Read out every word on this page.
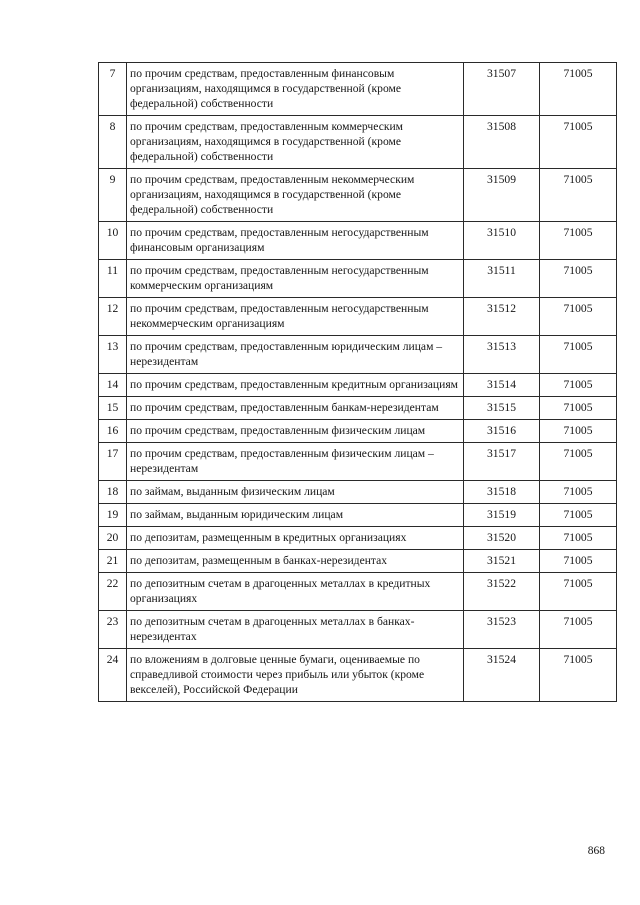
7	по прочим средствам, предоставленным финансовым организациям, находящимся в государственной (кроме федеральной) собственности	31507	71005
8	по прочим средствам, предоставленным коммерческим организациям, находящимся в государственной (кроме федеральной) собственности	31508	71005
9	по прочим средствам, предоставленным некоммерческим организациям, находящимся в государственной (кроме федеральной) собственности	31509	71005
10	по прочим средствам, предоставленным негосударственным финансовым организациям	31510	71005
11	по прочим средствам, предоставленным негосударственным коммерческим организациям	31511	71005
12	по прочим средствам, предоставленным негосударственным некоммерческим организациям	31512	71005
13	по прочим средствам, предоставленным юридическим лицам – нерезидентам	31513	71005
14	по прочим средствам, предоставленным кредитным организациям	31514	71005
15	по прочим средствам, предоставленным банкам-нерезидентам	31515	71005
16	по прочим средствам, предоставленным физическим лицам	31516	71005
17	по прочим средствам, предоставленным физическим лицам – нерезидентам	31517	71005
18	по займам, выданным физическим лицам	31518	71005
19	по займам, выданным юридическим лицам	31519	71005
20	по депозитам, размещенным в кредитных организациях	31520	71005
21	по депозитам, размещенным в банках-нерезидентах	31521	71005
22	по депозитным счетам в драгоценных металлах в кредитных организациях	31522	71005
23	по депозитным счетам в драгоценных металлах в банках-нерезидентах	31523	71005
24	по вложениям в долговые ценные бумаги, оцениваемые по справедливой стоимости через прибыль или убыток (кроме векселей), Российской Федерации	31524	71005
868
